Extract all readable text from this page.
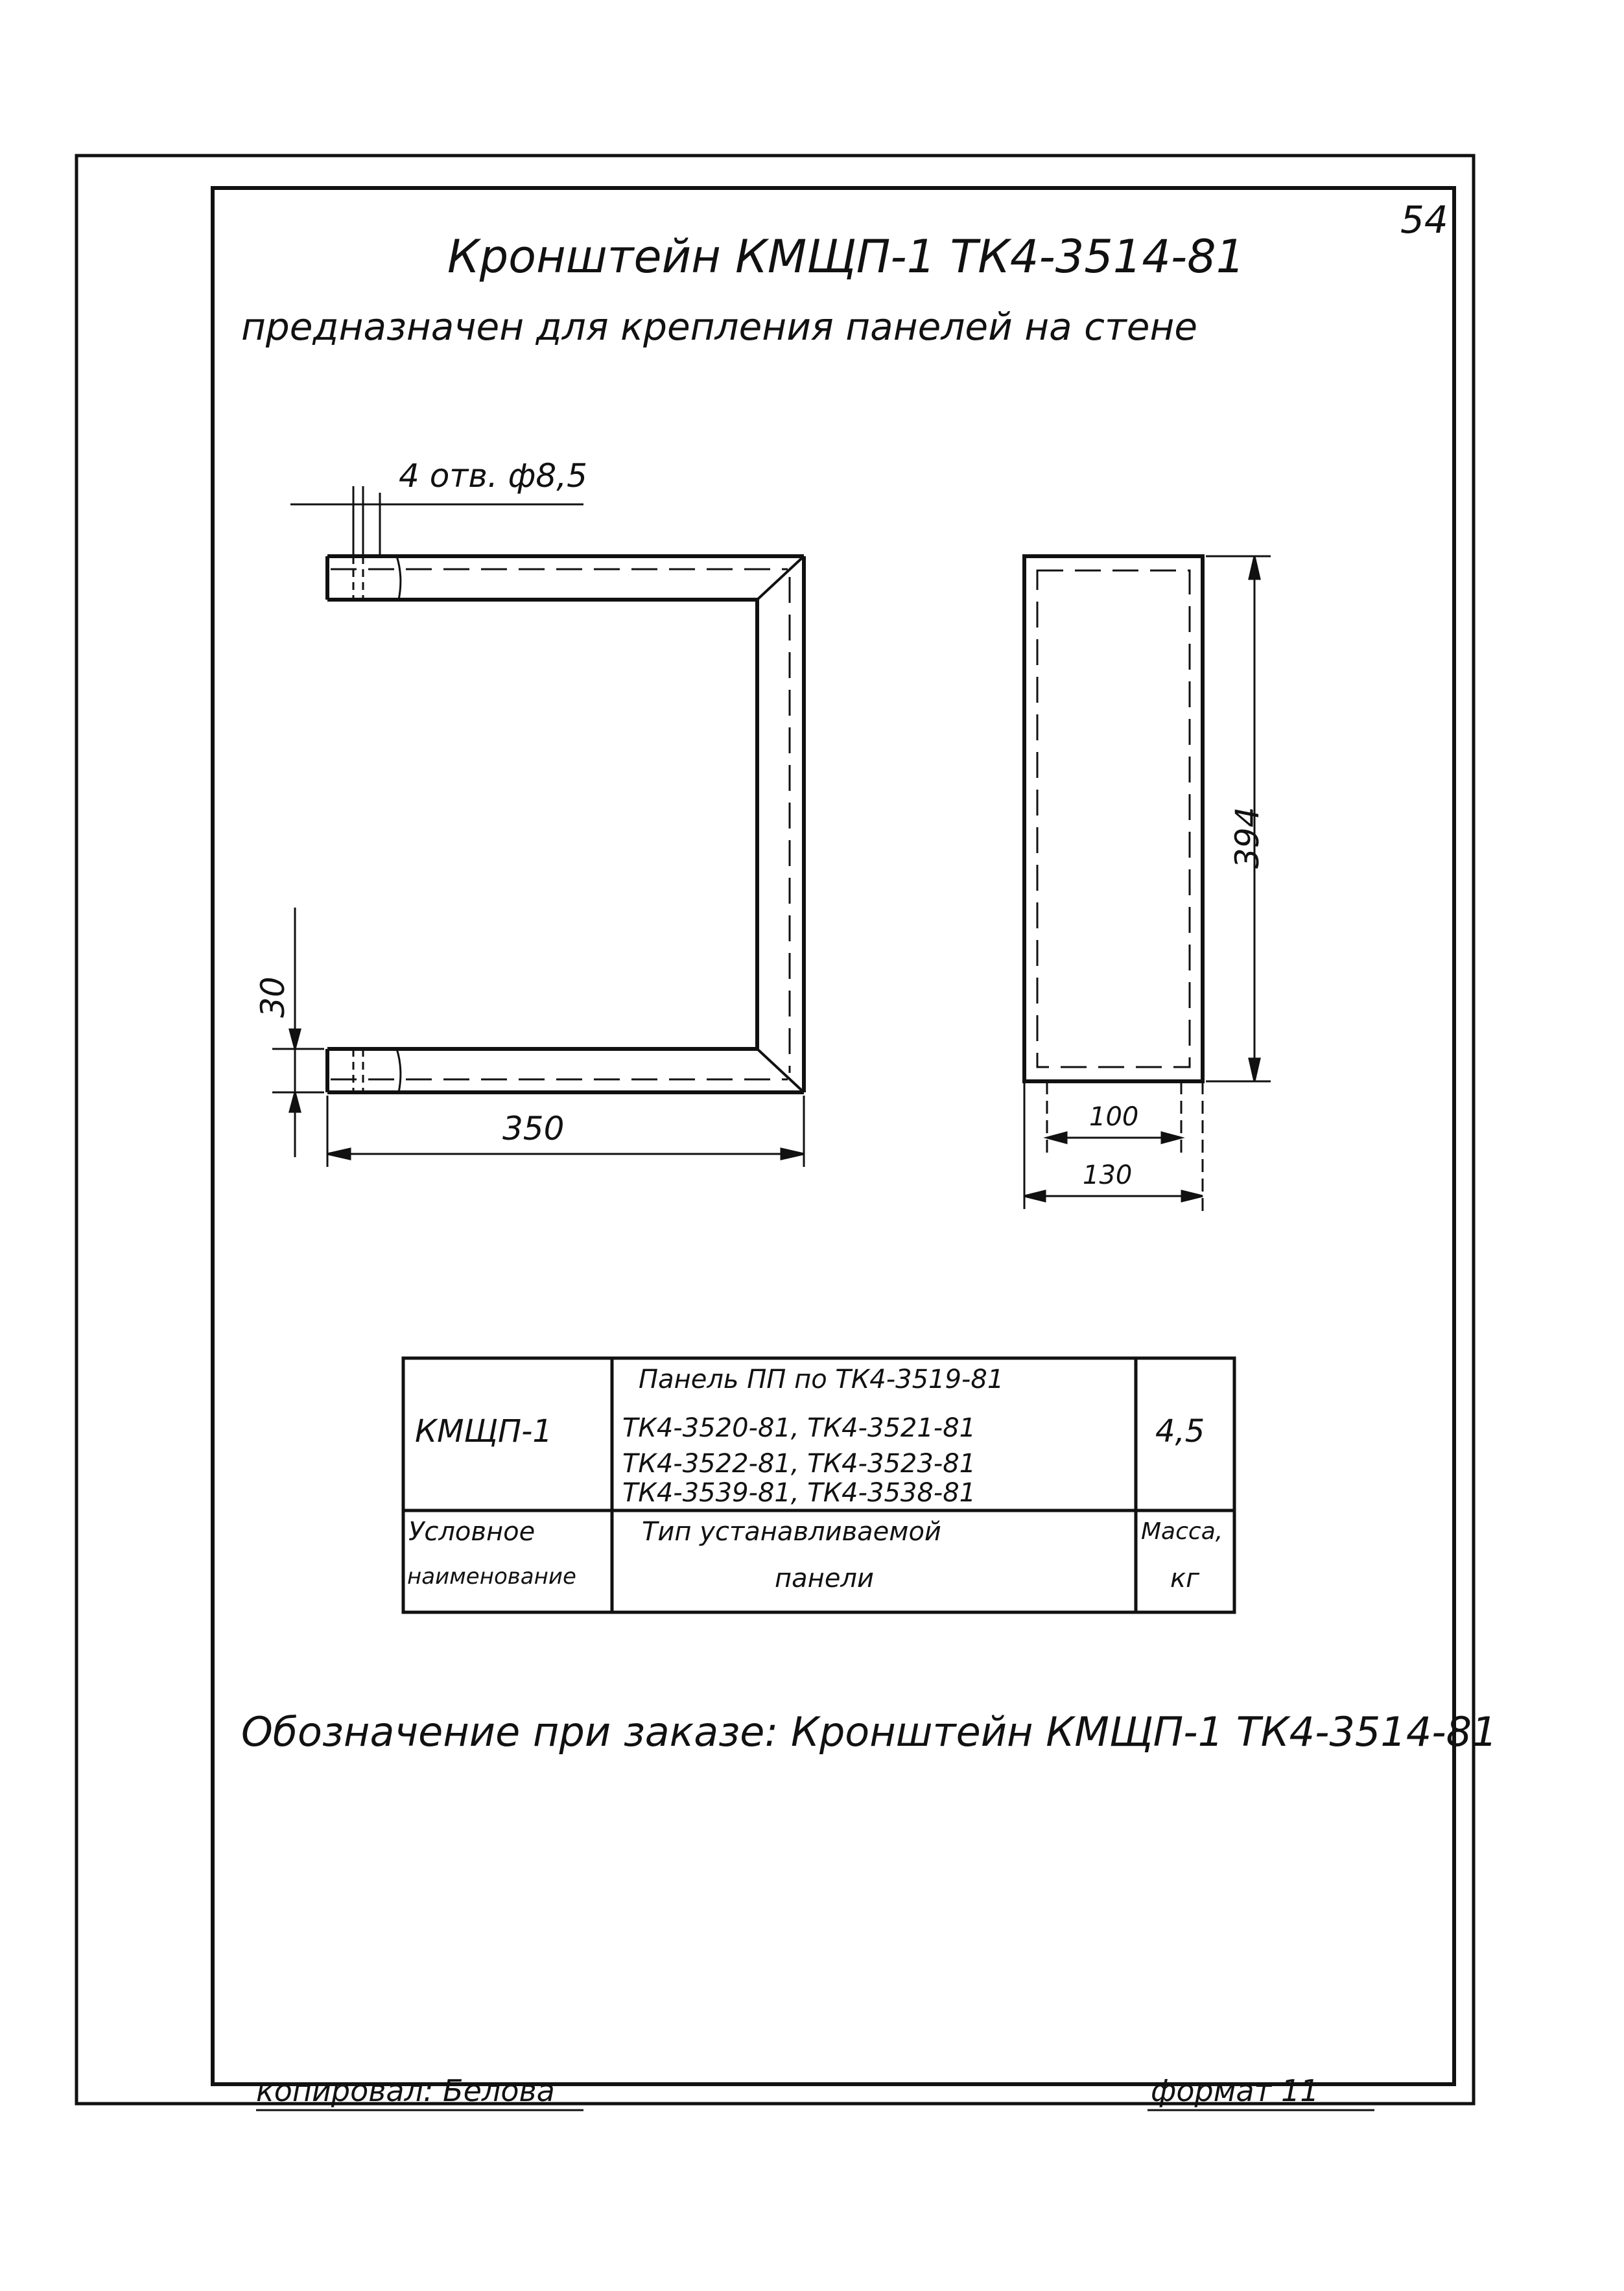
54
Кронштейн КМЩП-1 ТК4-3514-81
предназначен для крепления панелей на стене
4 отв. ф8,5
350
30
394
100
130
КМЩП-1
Панель ПП по ТК4-3519-81
ТК4-3520-81, ТК4-3521-81
ТК4-3522-81, ТК4-3523-81
ТК4-3539-81, ТК4-3538-81
4,5
Условное
наименование
Тип устанавливаемой
панели
Масса,
кг
Обозначение при заказе: Кронштейн КМЩП-1 ТК4-3514-81
копировал: Белова	формат 11
